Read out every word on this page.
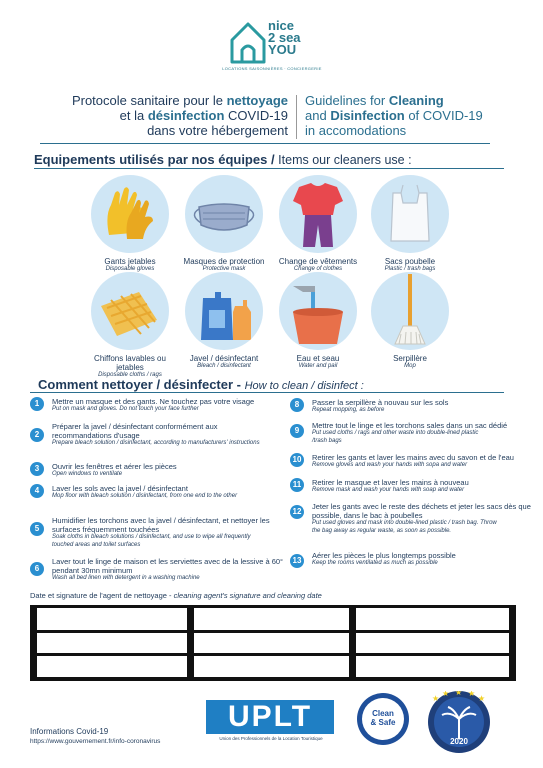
nice
2 sea
YOU
LOCATIONS SAISONNIÈRES · CONCIERGERIE
Protocole sanitaire pour le nettoyage
et la désinfection COVID-19
dans votre hébergement
Guidelines for Cleaning
and Disinfection of COVID-19
in accomodations
Equipements utilisés par nos équipes / Items our cleaners use :
Gants jetables
Disposable gloves
Masques de protection
Protective mask
Change de vêtements
Change of clothes
Sacs poubelle
Plastic / trash bags
Chiffons lavables ou jetables
Disposable cloths / rags
Javel / désinfectant
Bleach / disinfectant
Eau et seau
Water and pail
Serpillère
Mop
Comment nettoyer / désinfecter - How to clean / disinfect :
1	Mettre un masque et des gants. Ne touchez pas votre visage
Put on mask and gloves. Do not touch your face further
2
Préparer la javel / désinfectant conformément aux recommandations d'usage
Prepare bleach solution / disinfectant, according to manufacturers' instructions
3	Ouvrir les fenêtres et aérer les pièces
Open windows to ventilate
4	Laver les sols avec la javel / désinfectant
Mop floor with bleach solution / disinfectant, from one end to the other
5
Humidifier les torchons avec la javel / désinfectant, et nettoyer les surfaces fréquemment touchées
Soak cloths in bleach solutions / disinfectant, and use to wipe all frequently touched areas and toilet surfaces
6
Laver tout le linge de maison et les serviettes avec de la lessive à 60° pendant 30mn minimum
Wash all bed linen with detergent in a washing machine
8	Passer la serpillère à nouvau sur les sols
Repeat mopping, as before
9
Mettre tout le linge et les torchons sales dans un sac dédié
Put used cloths / rags and other waste into double-lined plastic /trash bags
10	Retirer les gants et laver les mains avec du savon et de l'eau
Remove gloves and wash your hands with sopa and water
11	Retirer le masque et laver les mains à nouveau
Remove mask and wash your hands with soap and water
12
Jeter les gants avec le reste des déchets et jeter les sacs dès que possible, dans le bac à poubelles
Put used gloves and mask into double-lined plastic / trash bag. Throw the bag away as regular waste, as soon as possible.
13
Aérer les pièces le plus longtemps possible
Keep the rooms ventilated as much as possible
Date et signature de l'agent de nettoyage - cleaning agent's signature and cleaning date
Informations Covid-19
https://www.gouvernement.fr/info-coronavirus
UPLT
Union des Professionnels de la Location Touristique
Clean
& Safe
★
★ ★ ★
★
2020
